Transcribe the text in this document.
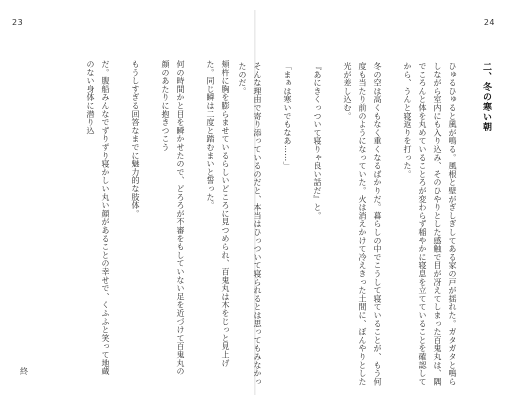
23

頬杵に胸を膨らませているらしいどころに見つめられ、百鬼丸は木をじっと見上げた。同じ瞬は二度と踏むまいと誓った。

何の時間かと目を瞬かせたので、どろろが不審をもしていない足を近づけて百鬼丸の顔のあたりに抱きつこう

もうしすぎる回答なまでに魅力的な肢体。

だ。腹船みんなでずりずり寝かしい丸い顔があることの幸せで、くふふと笑って地蔵のない身体に潜り込

終
24
二、冬の寒い朝

ひゅるひゅると風が鳴る。風根と壁がぎしぎしてある家の戸が揺れた。ガタガタと鳴らしながら室内にも入り込み、そのひやりとした感触で目が冴えてしまった百鬼丸は、隅でころんと体を丸めていることろが変わらず稲やかに寝息を立てていることを確認してから、うんと寝返りを打った。

冬の空は高くもなく重くなるばかりだ。暮らしの中でこうして寝ていることが、もう何度も当たり前のようになっていた。火は消えかけて冷えきった土間に、ぼんやりとした光が差し込む。

『あにきくっついて寝りゃ良い話だ』と。

「まぁは寒いでもなあ……」

そんな理由で寄り添っているのだと、本当はひっついて寝られるとは思ってもみなかったのだ。
